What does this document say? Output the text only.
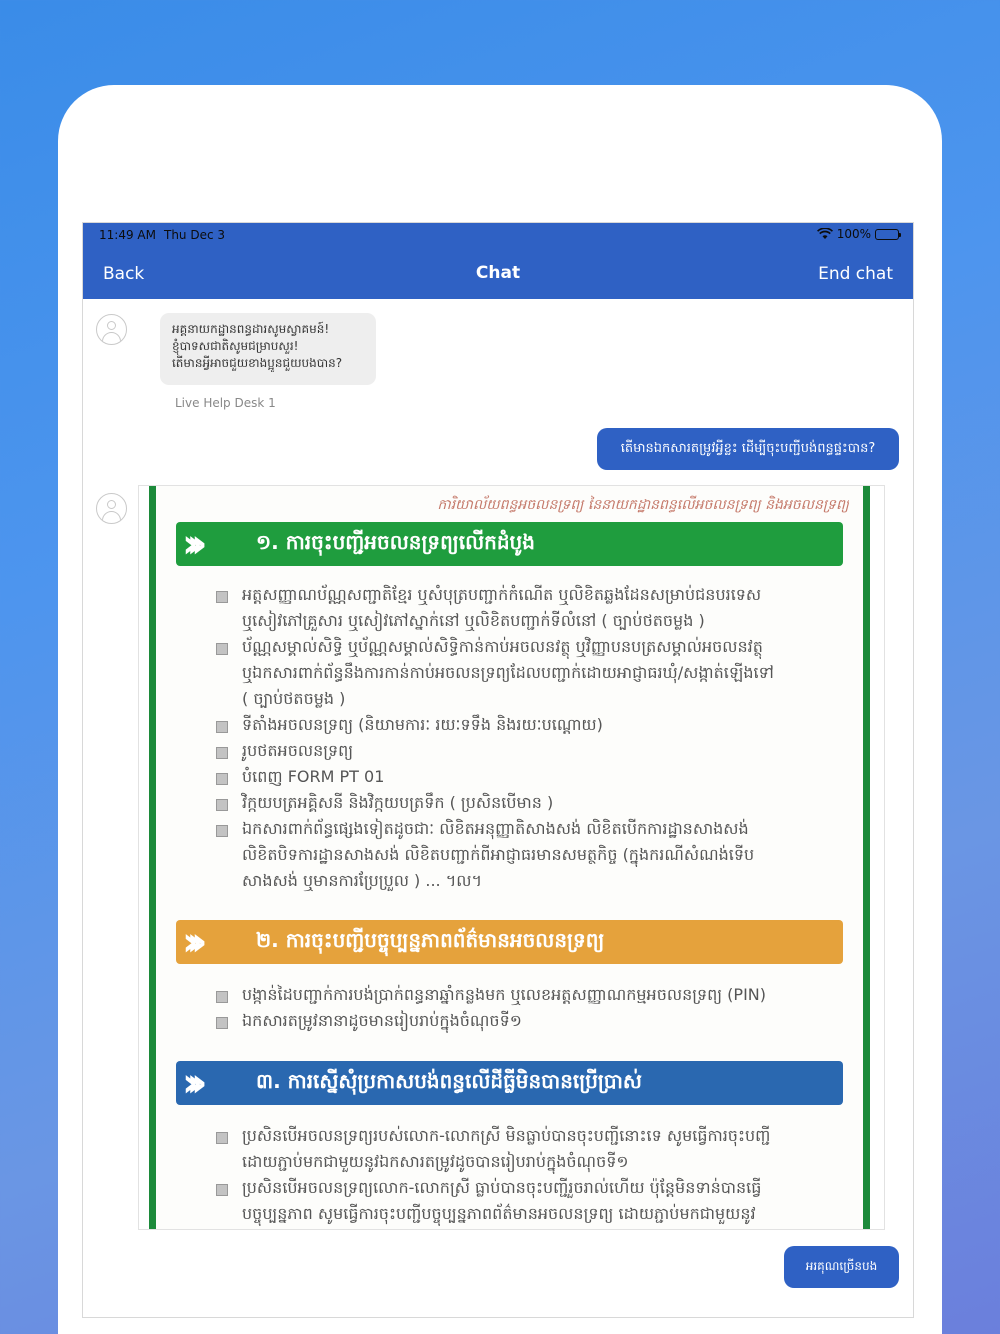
11:49 AM Thu Dec 3	100%
Back	Chat	End chat
អគ្គនាយកដ្ឋានពន្ធដារសូមស្វាគមន៍!
ខ្ញុំបាទសជាតិសូមជម្រាបសួរ!
តើមានអ្វីអាចជួយខាងប្អូនជួយបងបាន?
Live Help Desk 1
តើមានឯកសារតម្រូវអ្វីខ្លះ ដើម្បីចុះបញ្ជីបង់ពន្ធផ្ទះបាន?
ការិយាល័យពន្ធអចលនទ្រព្យ នៃនាយកដ្ឋានពន្ធលើអចលនទ្រព្យ និងអចលនទ្រព្យ
›››	១. ការចុះបញ្ជីអចលនទ្រព្យលើកដំបូង
អត្តសញ្ញាណប័ណ្ណសញ្ជាតិខ្មែរ ឬសំបុត្របញ្ជាក់កំណើត ឬលិខិតឆ្លងដែនសម្រាប់ជនបរទេស
ឬសៀវភៅគ្រួសារ ឬសៀវភៅស្នាក់នៅ ឬលិខិតបញ្ជាក់ទីលំនៅ ( ច្បាប់ថតចម្លង )
ប័ណ្ណសម្គាល់សិទ្ធិ ឬប័ណ្ណសម្គាល់សិទ្ធិកាន់កាប់អចលនវត្ថុ ឬវិញ្ញាបនបត្រសម្គាល់អចលនវត្ថុ
ឬឯកសារពាក់ព័ន្ធនឹងការកាន់កាប់អចលនទ្រព្យដែលបញ្ជាក់ដោយអាជ្ញាធរឃុំ/សង្កាត់ឡើងទៅ
( ច្បាប់ថតចម្លង )
ទីតាំងអចលនទ្រព្យ (និយាមការៈ រយៈទទឹង និងរយៈបណ្តោយ)
រូបថតអចលនទ្រព្យ
បំពេញ FORM PT 01
វិក្កយបត្រអគ្គិសនី និងវិក្កយបត្រទឹក ( ប្រសិនបើមាន )
ឯកសារពាក់ព័ន្ធផ្សេងទៀតដូចជាៈ លិខិតអនុញ្ញាតិសាងសង់ លិខិតបើកការដ្ឋានសាងសង់
លិខិតបិទការដ្ឋានសាងសង់ លិខិតបញ្ជាក់ពីអាជ្ញាធរមានសមត្ថកិច្ច (ក្នុងករណីសំណង់ទើប
សាងសង់ ឬមានការប្រែប្រួល ) ... ។ល។
›››	២. ការចុះបញ្ជីបច្ចុប្បន្នភាពព័ត៌មានអចលនទ្រព្យ
បង្កាន់ដៃបញ្ជាក់ការបង់ប្រាក់ពន្ធនាឆ្នាំកន្លងមក ឬលេខអត្តសញ្ញាណកម្មអចលនទ្រព្យ (PIN)
ឯកសារតម្រូវនានាដូចមានរៀបរាប់ក្នុងចំណុចទី១
›››	៣. ការស្នើសុំប្រកាសបង់ពន្ធលើដីធ្លីមិនបានប្រើប្រាស់
ប្រសិនបើអចលនទ្រព្យរបស់លោក-លោកស្រី មិនធ្លាប់បានចុះបញ្ជីនោះទេ សូមធ្វើការចុះបញ្ជី
ដោយភ្ជាប់មកជាមួយនូវឯកសារតម្រូវដូចបានរៀបរាប់ក្នុងចំណុចទី១
ប្រសិនបើអចលនទ្រព្យលោក-លោកស្រី ធ្លាប់បានចុះបញ្ជីរួចរាល់ហើយ ប៉ុន្តែមិនទាន់បានធ្វើ
បច្ចុប្បន្នភាព សូមធ្វើការចុះបញ្ជីបច្ចុប្បន្នភាពព័ត៌មានអចលនទ្រព្យ ដោយភ្ជាប់មកជាមួយនូវ
អរគុណច្រើនបង
